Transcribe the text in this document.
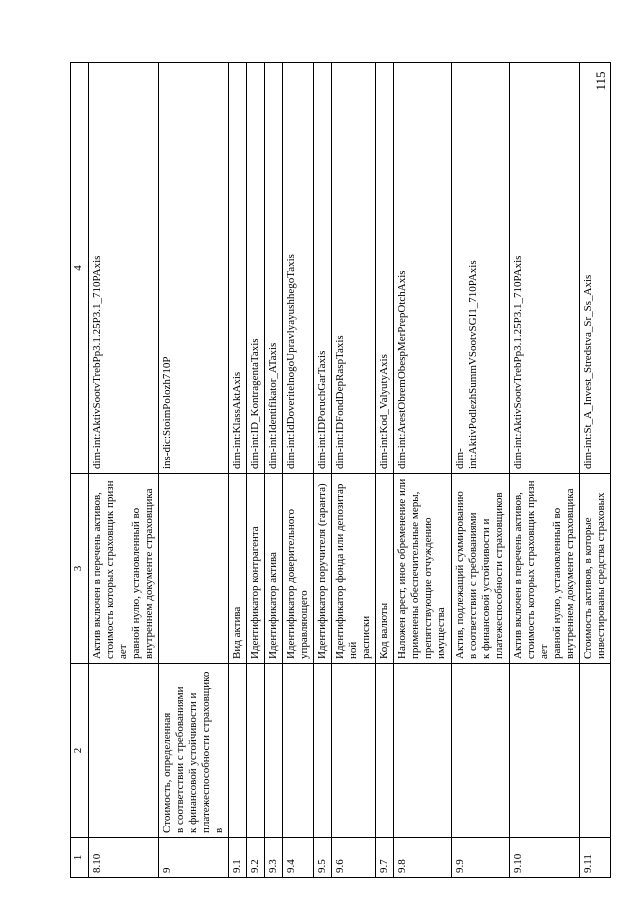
115
1	2	3	4
8.10		Актив включен в перечень активов,
стоимость которых страховщик признает
равной нулю, установленный во
внутреннем документе страховщика	dim-int:AktivSootvTrebPp3.1.25P3.1_710PAxis
9	Стоимость, определенная
в соответствии с требованиями
к финансовой устойчивости и
платежеспособности страховщиков		ins-dic:StoimPolozh710P
9.1		Вид актива	dim-int:KlassAktAxis
9.2		Идентификатор контрагента	dim-int:ID_KontragentaTaxis
9.3		Идентификатор актива	dim-int:Identifikator_ATaxis
9.4		Идентификатор доверительного
управляющего	dim-int:IdDoveritelnogoUpravlyayushhegoTaxis
9.5		Идентификатор поручителя (гаранта)	dim-int:IDPoruchGarTaxis
9.6		Идентификатор фонда или депозитарной
расписки	dim-int:IDFondDepRaspTaxis
9.7		Код валюты	dim-int:Kod_ValyutyAxis
9.8		Наложен арест, иное обременение или
применены обеспечительные меры,
препятствующие отчуждению
имущества	dim-int:ArestObremObespMerPrepOtchAxis
9.9		Актив, подлежащий суммированию
в соответствии с требованиями
к финансовой устойчивости и
платежеспособности страховщиков	dim-
int:AktivPodlezhSummVSootvSGI1_710PAxis
9.10		Актив включен в перечень активов,
стоимость которых страховщик признает
равной нулю, установленный во
внутреннем документе страховщика	dim-int:AktivSootvTrebPp3.1.25P3.1_710PAxis
9.11		Стоимость активов, в которые
инвестированы средства страховых	dim-int:St_A_Invest_Stredstva_Sr_Ss_Axis
